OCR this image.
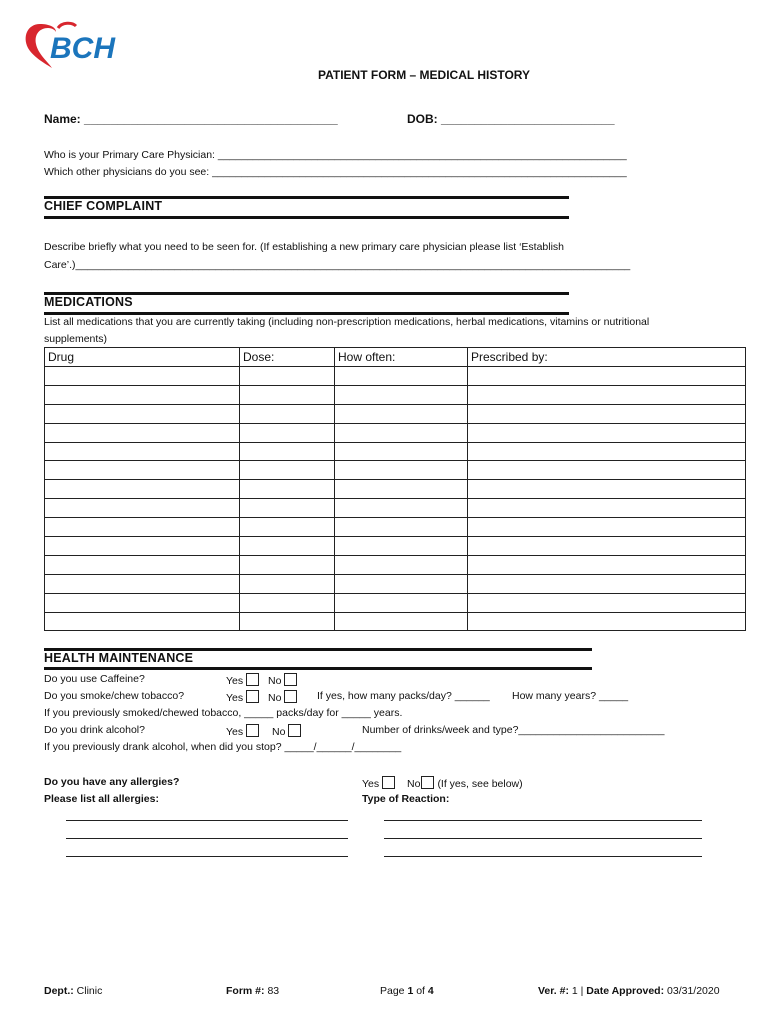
BCH
PATIENT FORM – MEDICAL HISTORY
Name: ______________________________________	DOB: __________________________
Who is your Primary Care Physician: ______________________________________________________________________
Which other physicians do you see: _______________________________________________________________________
CHIEF COMPLAINT
Describe briefly what you need to be seen for. (If establishing a new primary care physician please list ‘Establish
Care’.)_______________________________________________________________________________________________
MEDICATIONS
List all medications that you are currently taking (including non-prescription medications, herbal medications, vitamins or nutritional
supplements)
Drug	Dose:	How often:	Prescribed by:

HEALTH MAINTENANCE
Do you use Caffeine?	Yes	No
Do you smoke/chew tobacco?	Yes	No	If yes, how many packs/day? ______ How many years? _____
If you previously smoked/chewed tobacco, _____ packs/day for _____ years.
Do you drink alcohol?	Yes	No	Number of drinks/week and type?_________________________
If you previously drank alcohol, when did you stop? _____/______/________
Do you have any allergies?	Yes	No (If yes, see below)
Please list all allergies:	Type of Reaction:
Dept.: Clinic	Form #: 83	Page 1 of 4	Ver. #: 1 | Date Approved: 03/31/2020
